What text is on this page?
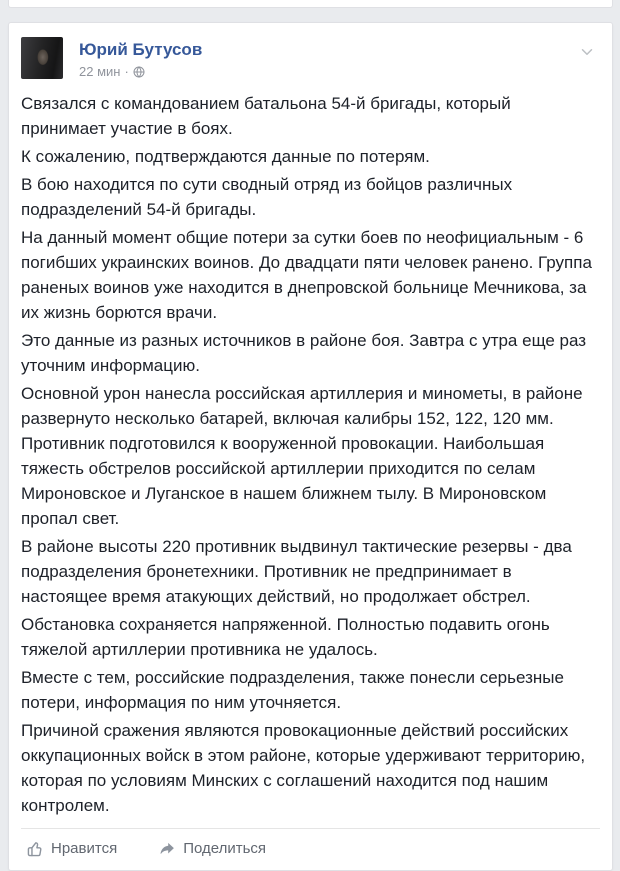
Юрий Бутусов
22 мин ·

Связался с командованием батальона 54-й бригады, который принимает участие в боях.

К сожалению, подтверждаются данные по потерям.

В бою находится по сути сводный отряд из бойцов различных подразделений 54-й бригады.

На данный момент общие потери за сутки боев по неофициальным - 6 погибших украинских воинов. До двадцати пяти человек ранено. Группа раненых воинов уже находится в днепровской больнице Мечникова, за их жизнь борются врачи.

Это данные из разных источников в районе боя. Завтра с утра еще раз уточним информацию.

Основной урон нанесла российская артиллерия и минометы, в районе развернуто несколько батарей, включая калибры 152, 122, 120 мм. Противник подготовился к вооруженной провокации. Наибольшая тяжесть обстрелов российской артиллерии приходится по селам Мироновское и Луганское в нашем ближнем тылу. В Мироновском пропал свет.

В районе высоты 220 противник выдвинул тактические резервы - два подразделения бронетехники. Противник не предпринимает в настоящее время атакующих действий, но продолжает обстрел.

Обстановка сохраняется напряженной. Полностью подавить огонь тяжелой артиллерии противника не удалось.

Вместе с тем, российские подразделения, также понесли серьезные потери, информация по ним уточняется.

Причиной сражения являются провокационные действий российских оккупационных войск в этом районе, которые удерживают территорию, которая по условиям Минских с соглашений находится под нашим контролем.

Нравится	Поделиться
